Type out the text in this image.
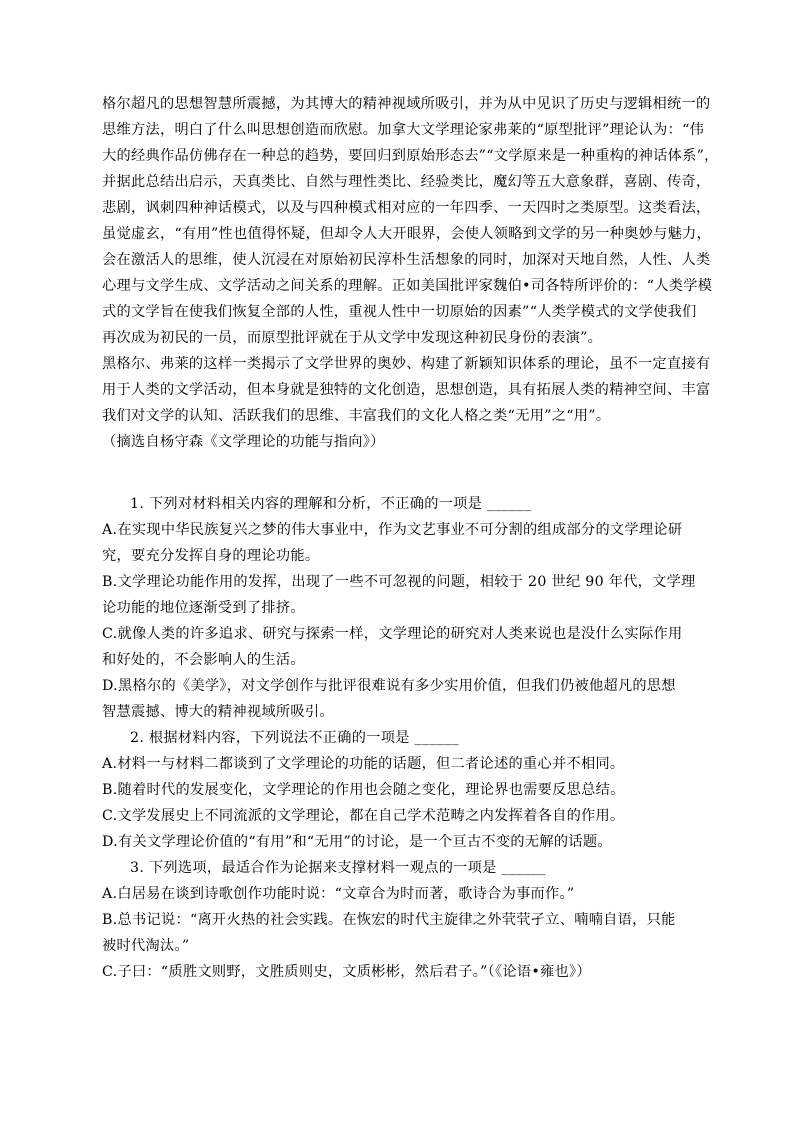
格尔超凡的思想智慧所震撼，为其博大的精神视域所吸引，并为从中见识了历史与逻辑相统一的
思维方法，明白了什么叫思想创造而欣慰。加拿大文学理论家弗莱的“原型批评”理论认为：“伟
大的经典作品仿佛存在一种总的趋势，要回归到原始形态去”“文学原来是一种重构的神话体系”，
并据此总结出启示，天真类比、自然与理性类比、经验类比，魔幻等五大意象群，喜剧、传奇，
悲剧，讽刺四种神话模式，以及与四种模式相对应的一年四季、一天四时之类原型。这类看法，
虽觉虚玄，“有用”性也值得怀疑，但却令人大开眼界，会使人领略到文学的另一种奥妙与魅力，
会在激活人的思维，使人沉浸在对原始初民淳朴生活想象的同时，加深对天地自然，人性、人类
心理与文学生成、文学活动之间关系的理解。正如美国批评家魏伯•司各特所评价的：“人类学模
式的文学旨在使我们恢复全部的人性，重视人性中一切原始的因素”“人类学模式的文学使我们
再次成为初民的一员，而原型批评就在于从文学中发现这种初民身份的表演”。
黑格尔、弗莱的这样一类揭示了文学世界的奥妙、构建了新颖知识体系的理论，虽不一定直接有
用于人类的文学活动，但本身就是独特的文化创造，思想创造，具有拓展人类的精神空间、丰富
我们对文学的认知、活跃我们的思维、丰富我们的文化人格之类“无用”之“用”。
（摘选自杨守森《文学理论的功能与指向》）
1. 下列对材料相关内容的理解和分析，不正确的一项是 ______
A.在实现中华民族复兴之梦的伟大事业中，作为文艺事业不可分割的组成部分的文学理论研
究，要充分发挥自身的理论功能。
B.文学理论功能作用的发挥，出现了一些不可忽视的问题，相较于 20 世纪 90 年代，文学理
论功能的地位逐渐受到了排挤。
C.就像人类的许多追求、研究与探索一样，文学理论的研究对人类来说也是没什么实际作用
和好处的，不会影响人的生活。
D.黑格尔的《美学》，对文学创作与批评很难说有多少实用价值，但我们仍被他超凡的思想
智慧震撼、博大的精神视域所吸引。
2. 根据材料内容，下列说法不正确的一项是 ______
A.材料一与材料二都谈到了文学理论的功能的话题，但二者论述的重心并不相同。
B.随着时代的发展变化，文学理论的作用也会随之变化，理论界也需要反思总结。
C.文学发展史上不同流派的文学理论，都在自己学术范畴之内发挥着各自的作用。
D.有关文学理论价值的“有用”和“无用”的讨论，是一个亘古不变的无解的话题。
3. 下列选项，最适合作为论据来支撑材料一观点的一项是 ______
A.白居易在谈到诗歌创作功能时说：“文章合为时而著，歌诗合为事而作。”
B.总书记说：“离开火热的社会实践。在恢宏的时代主旋律之外茕茕孑立、喃喃自语，只能
被时代淘汰。”
C.子曰：“质胜文则野，文胜质则史，文质彬彬，然后君子。”（《论语•雍也》）
